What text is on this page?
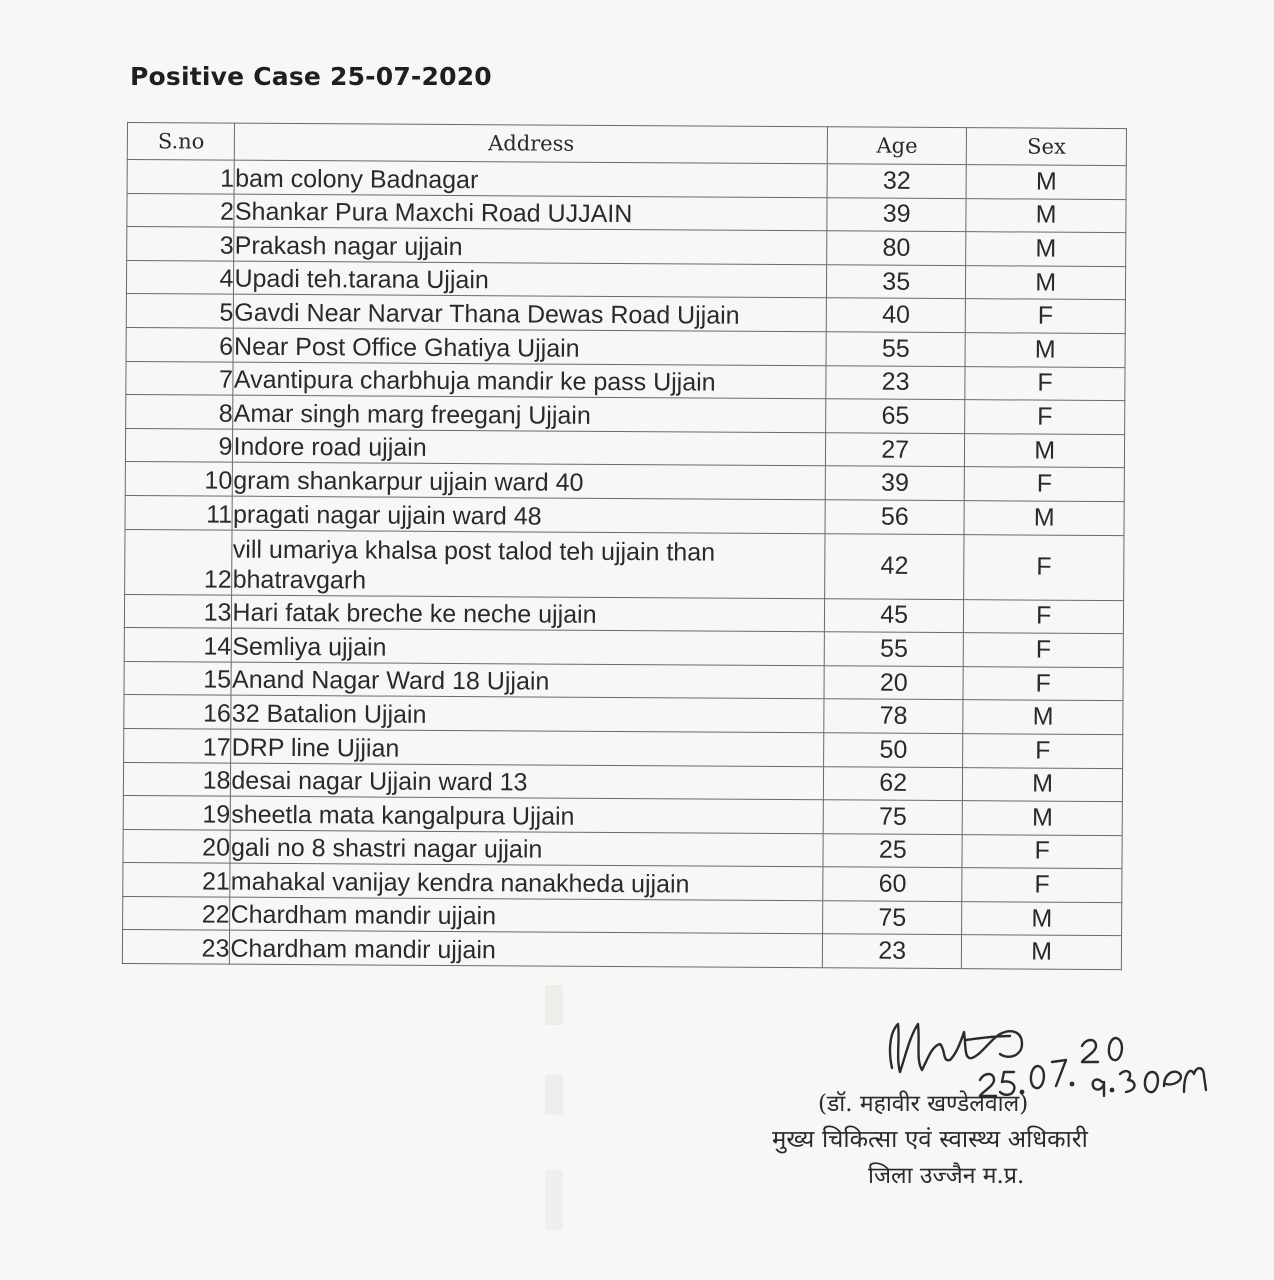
Positive Case 25-07-2020
S.no	Address	Age	Sex
1	bam colony Badnagar	32	M
2	Shankar Pura Maxchi Road UJJAIN	39	M
3	Prakash nagar ujjain	80	M
4	Upadi teh.tarana Ujjain	35	M
5	Gavdi Near Narvar Thana Dewas Road Ujjain	40	F
6	Near Post Office Ghatiya Ujjain	55	M
7	Avantipura charbhuja mandir ke pass Ujjain	23	F
8	Amar singh marg freeganj Ujjain	65	F
9	Indore road ujjain	27	M
10	gram shankarpur ujjain ward 40	39	F
11	pragati nagar ujjain ward 48	56	M
12	vill umariya khalsa post talod teh ujjain than bhatravgarh	42	F
13	Hari fatak breche ke neche ujjain	45	F
14	Semliya ujjain	55	F
15	Anand Nagar Ward 18 Ujjain	20	F
16	32 Batalion Ujjain	78	M
17	DRP line Ujjian	50	F
18	desai nagar Ujjain ward 13	62	M
19	sheetla mata kangalpura Ujjain	75	M
20	gali no 8 shastri nagar ujjain	25	F
21	mahakal vanijay kendra nanakheda ujjain	60	F
22	Chardham mandir ujjain	75	M
23	Chardham mandir ujjain	23	M
(डॉ. महावीर खण्डेलवाल)
मुख्य चिकित्सा एवं स्वास्थ्य अधिकारी
जिला उज्जैन म.प्र.
